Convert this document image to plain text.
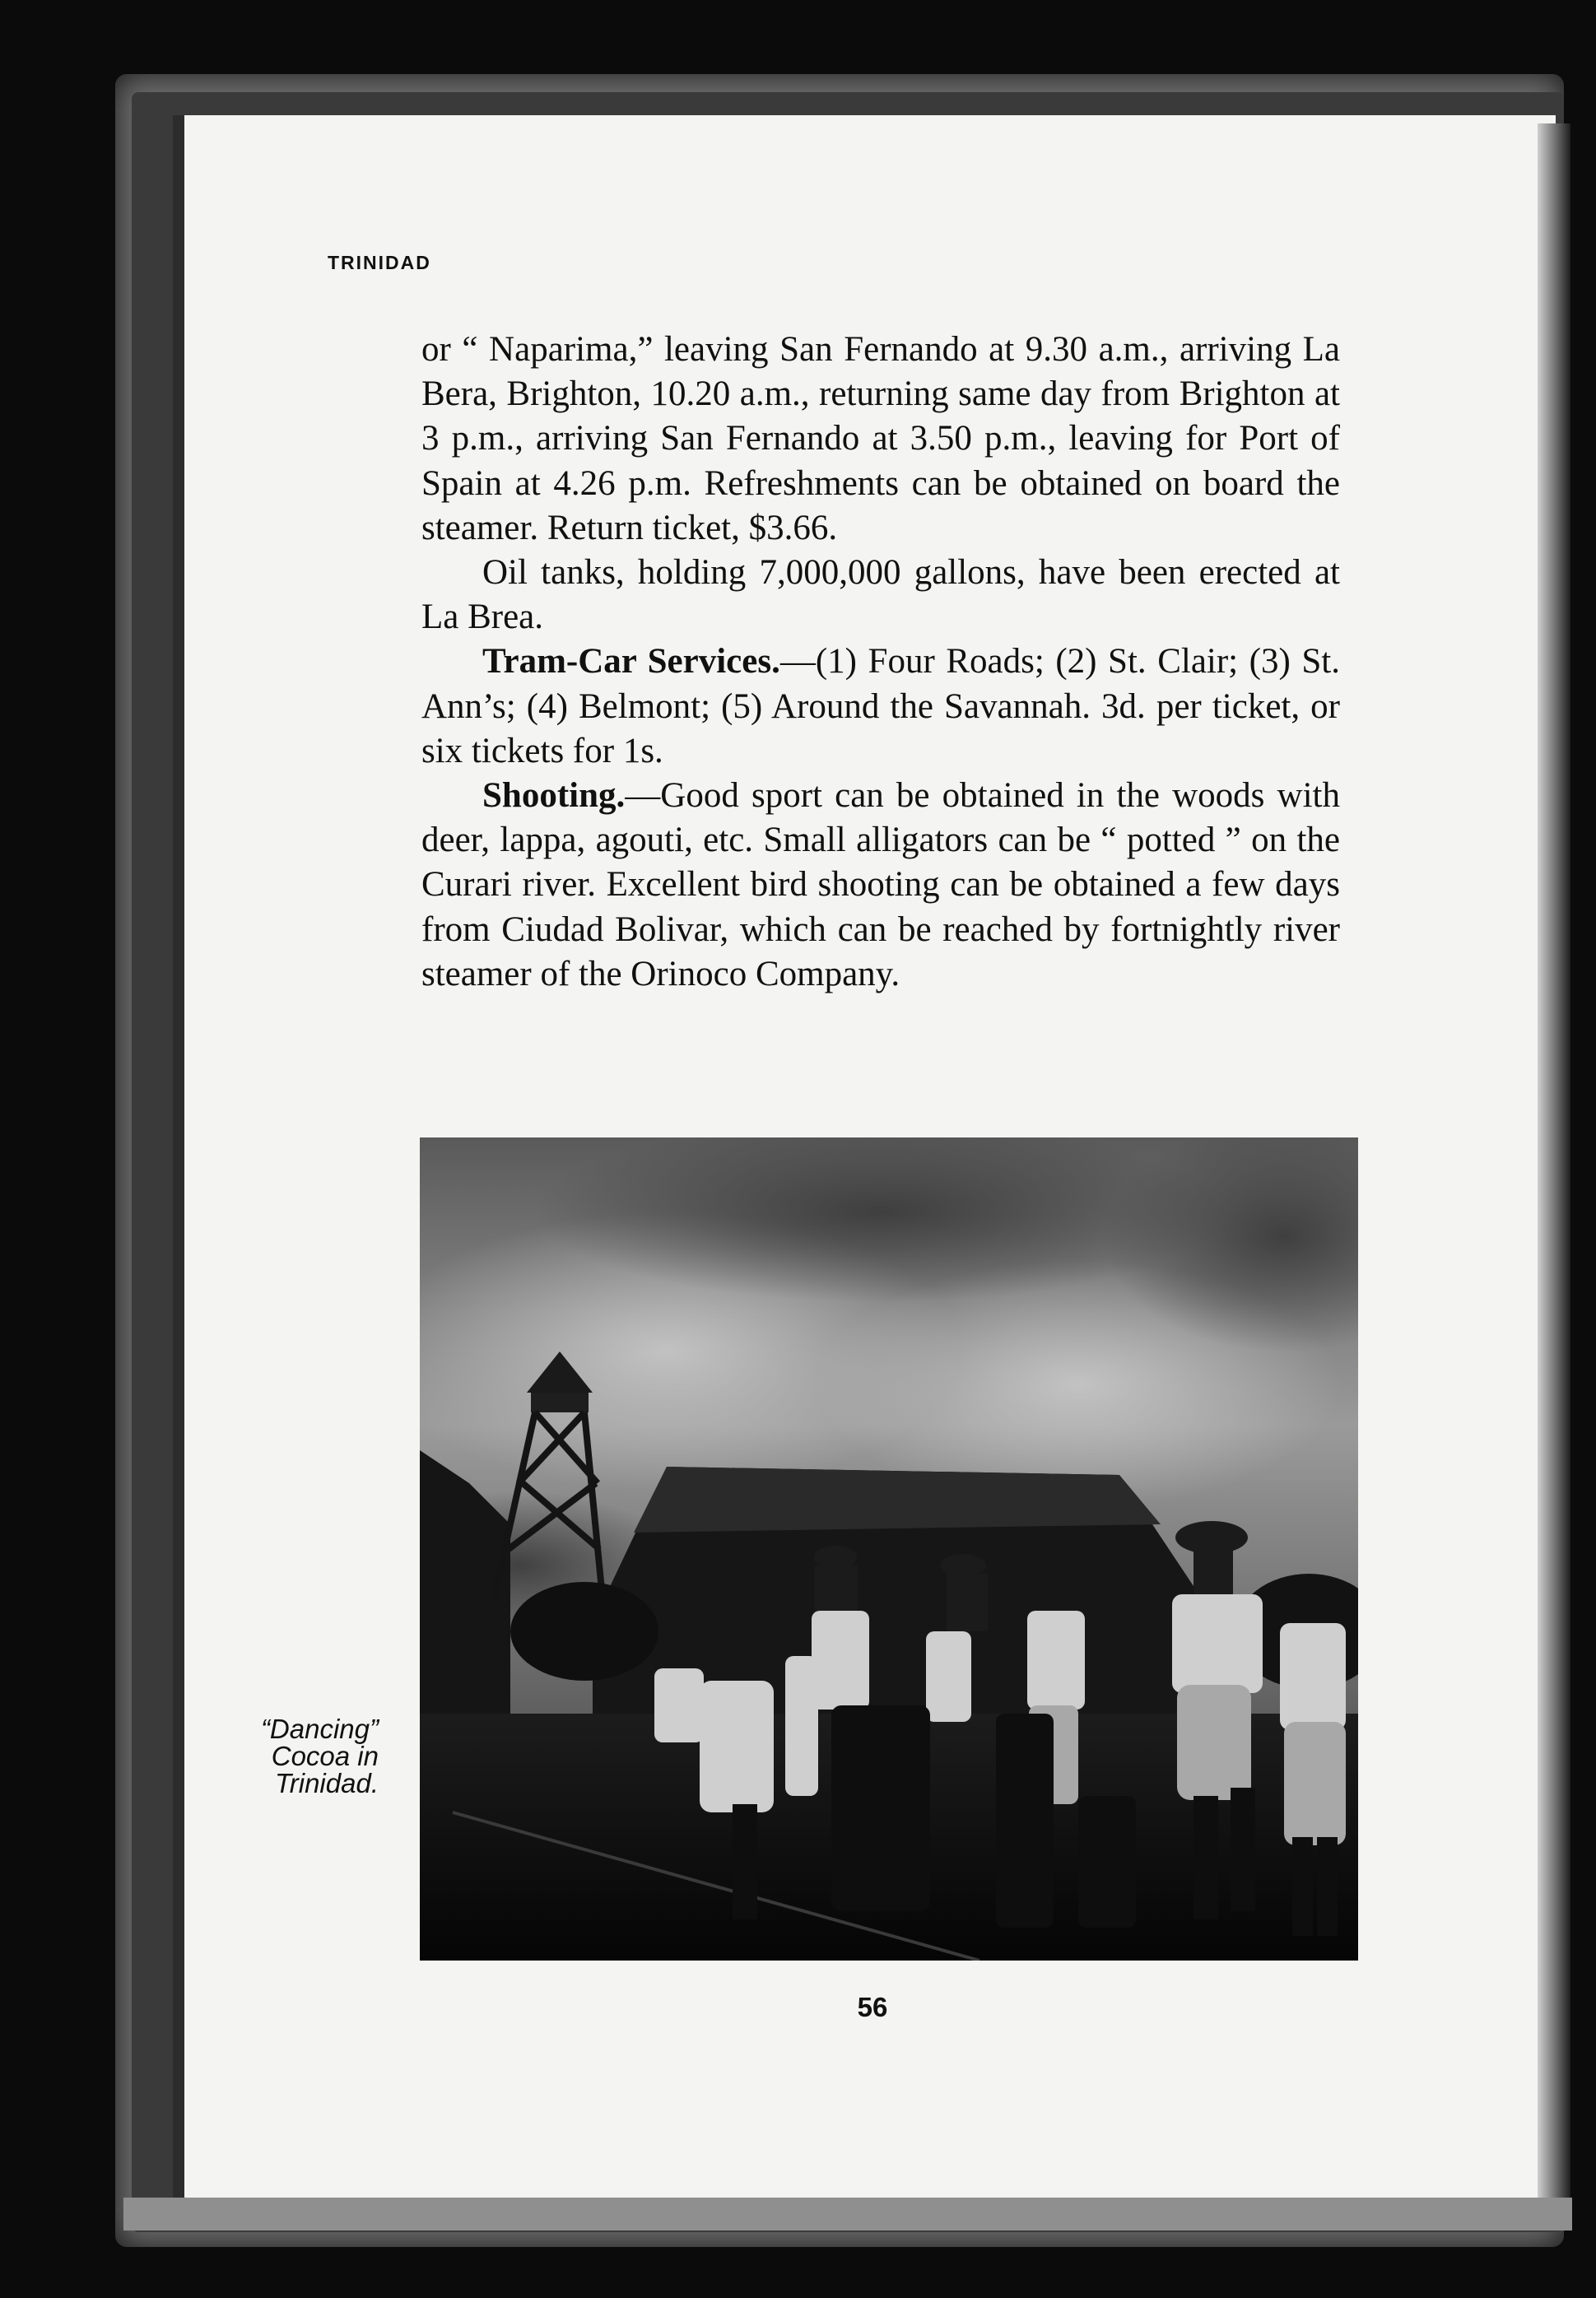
TRINIDAD

or “ Naparima,” leaving San Fernando at 9.30 a.m., arriving La Bera, Brighton, 10.20 a.m., returning same day from Brighton at 3 p.m., arriving San Fernando at 3.50 p.m., leaving for Port of Spain at 4.26 p.m. Refreshments can be obtained on board the steamer. Return ticket, $3.66.

Oil tanks, holding 7,000,000 gallons, have been erected at La Brea.

Tram-Car Services.—(1) Four Roads; (2) St. Clair; (3) St. Ann’s; (4) Belmont; (5) Around the Savannah. 3d. per ticket, or six tickets for 1s.

Shooting.—Good sport can be obtained in the woods with deer, lappa, agouti, etc. Small alligators can be “ potted ” on the Curari river. Excellent bird shooting can be obtained a few days from Ciudad Bolivar, which can be reached by fortnightly river steamer of the Orinoco Company.

“Dancing”
Cocoa in
Trinidad.
56
